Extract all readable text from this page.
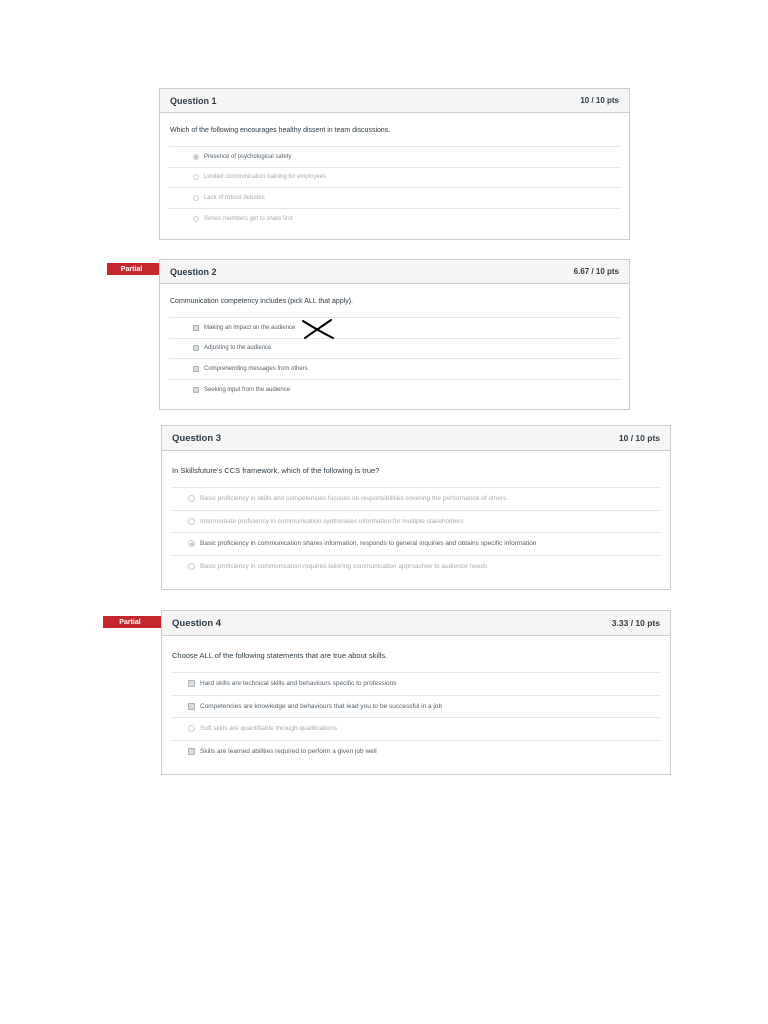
Question 1	10 / 10 pts
Which of the following encourages healthy dissent in team discussions.
Presence of psychological safety
Limited communication training for employees
Lack of robust debates
Senior members get to share first
Partial	Question 2	6.67 / 10 pts
Communication competency includes (pick ALL that apply).
Making an impact on the audience
Adjusting to the audience
Comprehending messages from others
Seeking input from the audience
Question 3	10 / 10 pts
In Skillsfuture's CCS framework, which of the following is true?
Basic proficiency in skills and competencies focuses on responsibilities covering the performance of others
Intermediate proficiency in communication synthesises information for multiple stakeholders
Basic proficiency in communication shares information, responds to general inquiries and obtains specific information
Basic proficiency in communication requires tailoring communication approaches to audience needs
Partial	Question 4	3.33 / 10 pts
Choose ALL of the following statements that are true about skills.
Hard skills are technical skills and behaviours specific to professions
Competencies are knowledge and behaviours that lead you to be successful in a job
Soft skills are quantifiable through qualifications
Skills are learned abilities required to perform a given job well
